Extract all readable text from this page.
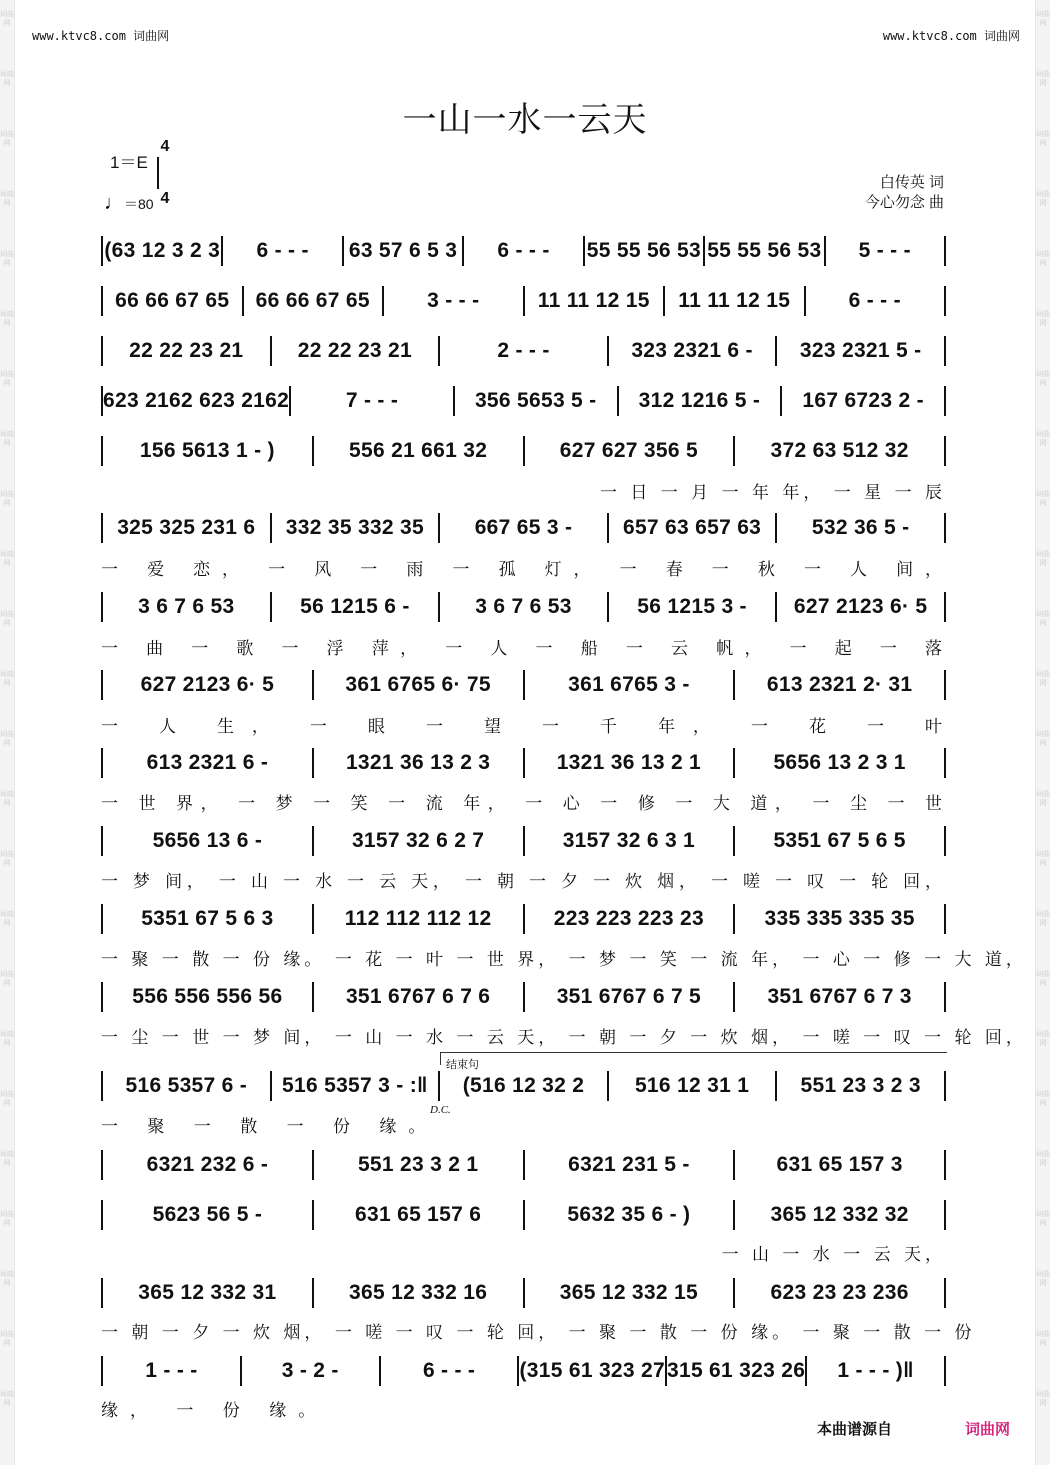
词曲网
词曲网
词曲网
词曲网
词曲网
词曲网
词曲网
词曲网
词曲网
词曲网
词曲网
词曲网
词曲网
词曲网
词曲网
词曲网
词曲网
词曲网
词曲网
词曲网
词曲网
词曲网
词曲网
词曲网
词曲网
词曲网
词曲网
词曲网
词曲网
词曲网
词曲网
词曲网
词曲网
词曲网
词曲网
词曲网
词曲网
词曲网
词曲网
词曲网
词曲网
词曲网
词曲网
词曲网
词曲网
词曲网
词曲网
词曲网
www.ktvc8.com 词曲网	www.ktvc8.com 词曲网
一山一水一云天
1＝E
4
4
♩＝80
白传英 词
今心勿念 曲
(63 12 3 2 3	6 - - -	63 57 6 5 3	6 - - -	55 55 56 53 55 55 56 53	5 - - -
66 66 67 65	66 66 67 65	3 - - -	11 11 12 15	11 11 12 15	6 - - -
22 22 23 21	22 22 23 21	2 - - -	323 2321 6 -	323 2321 5 -
623 2162 623 2162	7 - - -	356 5653 5 -	312 1216 5 -	167 6723 2 -
156 5613 1 - )	556 21 661 32	627 627 356 5	372 63 512 32
325 325 231 6	332 35 332 35	667 65 3 -	657 63 657 63	532 36 5 -
3 6 7 6 53	56 1215 6 -	3 6 7 6 53	56 1215 3 -	627 2123 6· 5
627 2123 6· 5	361 6765 6· 75	361 6765 3 -	613 2321 2· 31
613 2321 6 -	1321 36 13 2 3	1321 36 13 2 1	5656 13 2 3 1
5656 13 6 -	3157 32 6 2 7	3157 32 6 3 1	5351 67 5 6 5
5351 67 5 6 3	112 112 112 12	223 223 223 23	335 335 335 35
556 556 556 56	351 6767 6 7 6	351 6767 6 7 5	351 6767 6 7 3
516 5357 6 -	516 5357 3 - :‖	(516 12 32 2	516 12 31 1	551 23 3 2 3
6321 232 6 -	551 23 3 2 1	6321 231 5 -	631 65 157 3
5623 56 5 -	631 65 157 6	5632 35 6 - )	365 12 332 32
365 12 332 31	365 12 332 16	365 12 332 15	623 23 23 236
1 - - -	3 - 2 -	6 - - -	(315 61 323 27 315 61 323 26	1 - - - )‖
一 日 一 月 一 年 年， 一 星 一 辰
一 爱 恋， 一 风 一 雨 一 孤 灯， 一 春 一 秋 一 人 间，
一 曲 一 歌 一 浮 萍， 一 人 一 船 一 云 帆， 一 起 一 落
一 人 生， 一 眼 一 望 一 千 年， 一 花 一 叶
一 世 界， 一 梦 一 笑 一 流 年， 一 心 一 修 一 大 道， 一 尘 一 世
一 梦 间， 一 山 一 水 一 云 天， 一 朝 一 夕 一 炊 烟， 一 嗟 一 叹 一 轮 回，
一 聚 一 散 一 份 缘。 一 花 一 叶 一 世 界， 一 梦 一 笑 一 流 年， 一 心 一 修 一 大 道，
一 尘 一 世 一 梦 间， 一 山 一 水 一 云 天， 一 朝 一 夕 一 炊 烟， 一 嗟 一 叹 一 轮 回，
一 聚 一 散 一 份 缘。
一 山 一 水 一 云 天，
一 朝 一 夕 一 炊 烟， 一 嗟 一 叹 一 轮 回， 一 聚 一 散 一 份 缘。 一 聚 一 散 一 份
缘， 一 份 缘。
结束句
D.C.
本曲谱源自	词曲网
